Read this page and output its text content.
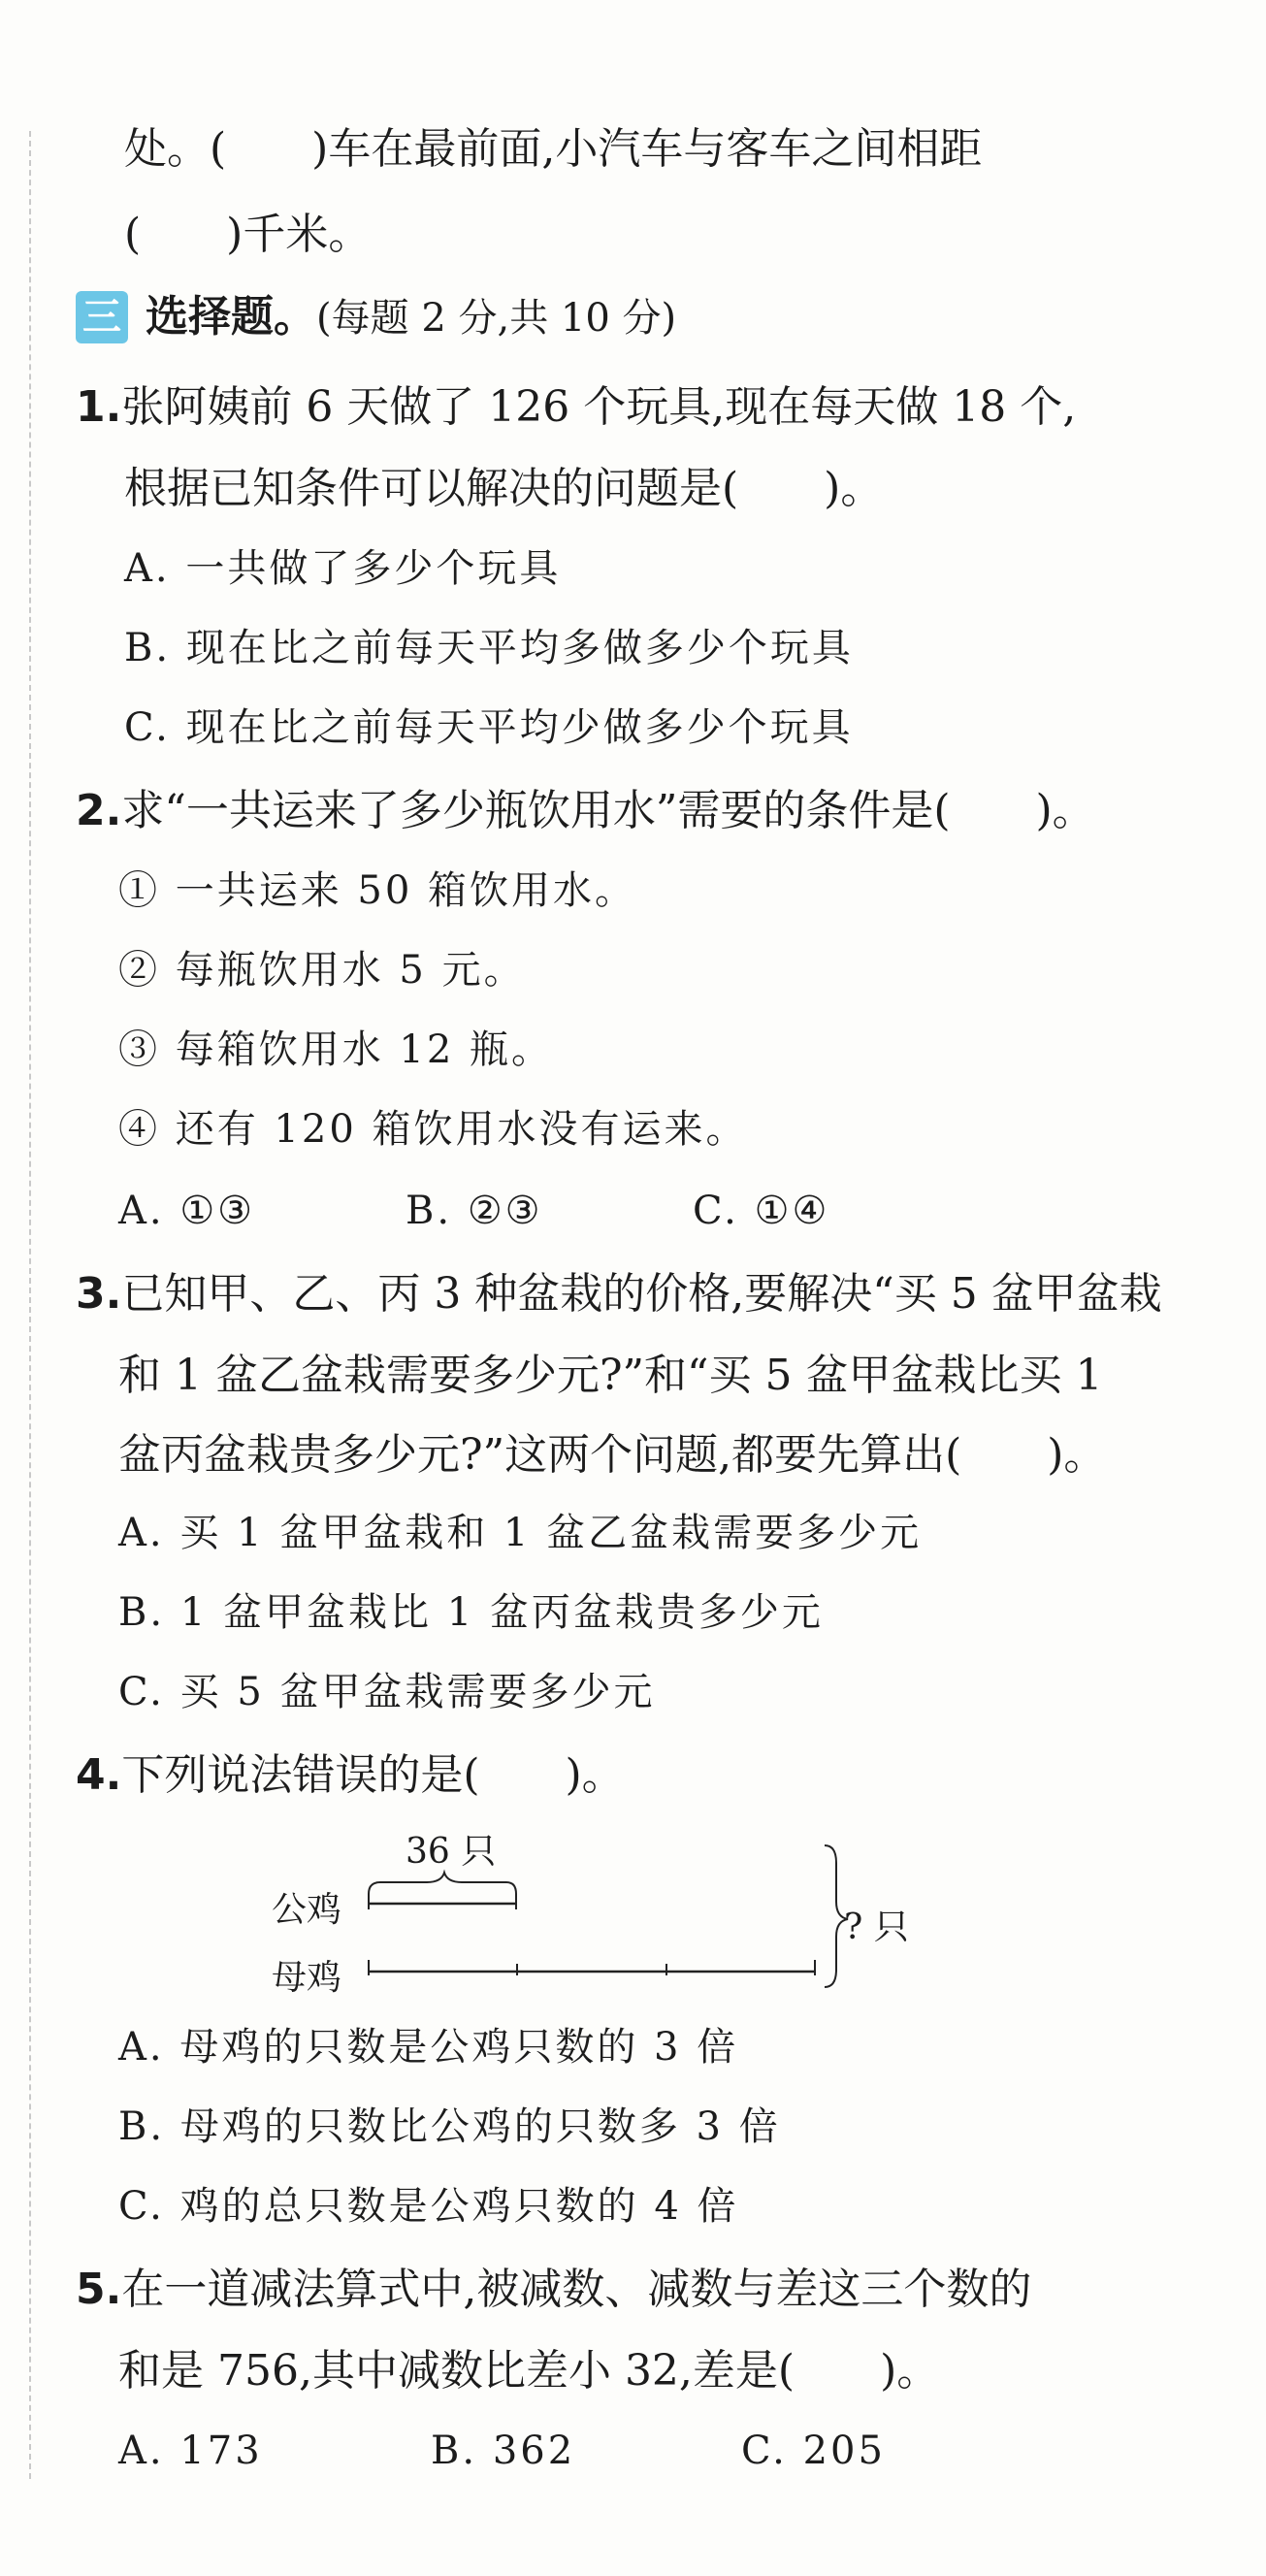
处。(　　)车在最前面,小汽车与客车之间相距
(　　)千米。
三 选择题。(每题 2 分,共 10 分)
1.张阿姨前 6 天做了 126 个玩具,现在每天做 18 个,
根据已知条件可以解决的问题是(　　)。
A. 一共做了多少个玩具
B. 现在比之前每天平均多做多少个玩具
C. 现在比之前每天平均少做多少个玩具
2.求“一共运来了多少瓶饮用水”需要的条件是(　　)。
① 一共运来 50 箱饮用水。
② 每瓶饮用水 5 元。
③ 每箱饮用水 12 瓶。
④ 还有 120 箱饮用水没有运来。
A. ①③	B. ②③	C. ①④
3.已知甲、乙、丙 3 种盆栽的价格,要解决“买 5 盆甲盆栽
和 1 盆乙盆栽需要多少元?”和“买 5 盆甲盆栽比买 1
盆丙盆栽贵多少元?”这两个问题,都要先算出(　　)。
A. 买 1 盆甲盆栽和 1 盆乙盆栽需要多少元
B. 1 盆甲盆栽比 1 盆丙盆栽贵多少元
C. 买 5 盆甲盆栽需要多少元
4.下列说法错误的是(　　)。
36 只
公鸡
母鸡
? 只
A. 母鸡的只数是公鸡只数的 3 倍
B. 母鸡的只数比公鸡的只数多 3 倍
C. 鸡的总只数是公鸡只数的 4 倍
5.在一道减法算式中,被减数、减数与差这三个数的
和是 756,其中减数比差小 32,差是(　　)。
A. 173	B. 362	C. 205
